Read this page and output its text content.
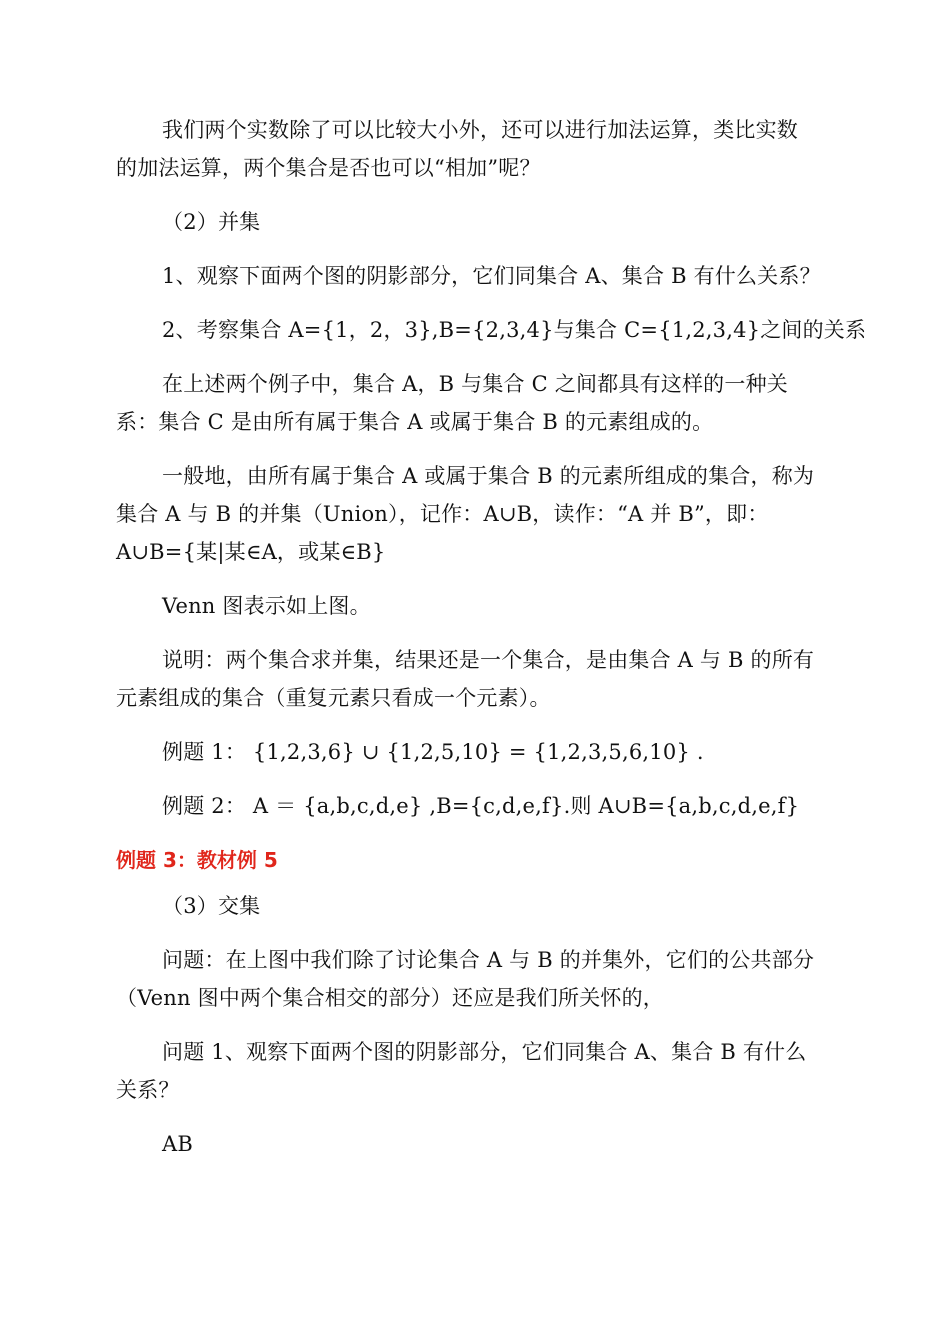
我们两个实数除了可以比较大小外，还可以进行加法运算，类比实数
的加法运算，两个集合是否也可以“相加”呢？
（2）并集
1、观察下面两个图的阴影部分，它们同集合 A、集合 B 有什么关系？
2、考察集合 A={1，2，3},B={2,3,4}与集合 C={1,2,3,4}之间的关系
在上述两个例子中，集合 A，B 与集合 C 之间都具有这样的一种关
系：集合 C 是由所有属于集合 A 或属于集合 B 的元素组成的。
一般地，由所有属于集合 A 或属于集合 B 的元素所组成的集合，称为
集合 A 与 B 的并集（Union），记作：A∪B，读作：“A 并 B”，即：
A∪B={某|某∈A，或某∈B}
Venn 图表示如上图。
说明：两个集合求并集，结果还是一个集合，是由集合 A 与 B 的所有
元素组成的集合（重复元素只看成一个元素）。
例题 1： {1,2,3,6} ∪ {1,2,5,10} = {1,2,3,5,6,10} .
例题 2： A ＝ {a,b,c,d,e} ,B={c,d,e,f}.则 A∪B={a,b,c,d,e,f}
例题 3：教材例 5
（3）交集
问题：在上图中我们除了讨论集合 A 与 B 的并集外，它们的公共部分
（Venn 图中两个集合相交的部分）还应是我们所关怀的，
问题 1、观察下面两个图的阴影部分，它们同集合 A、集合 B 有什么
关系？
AB
